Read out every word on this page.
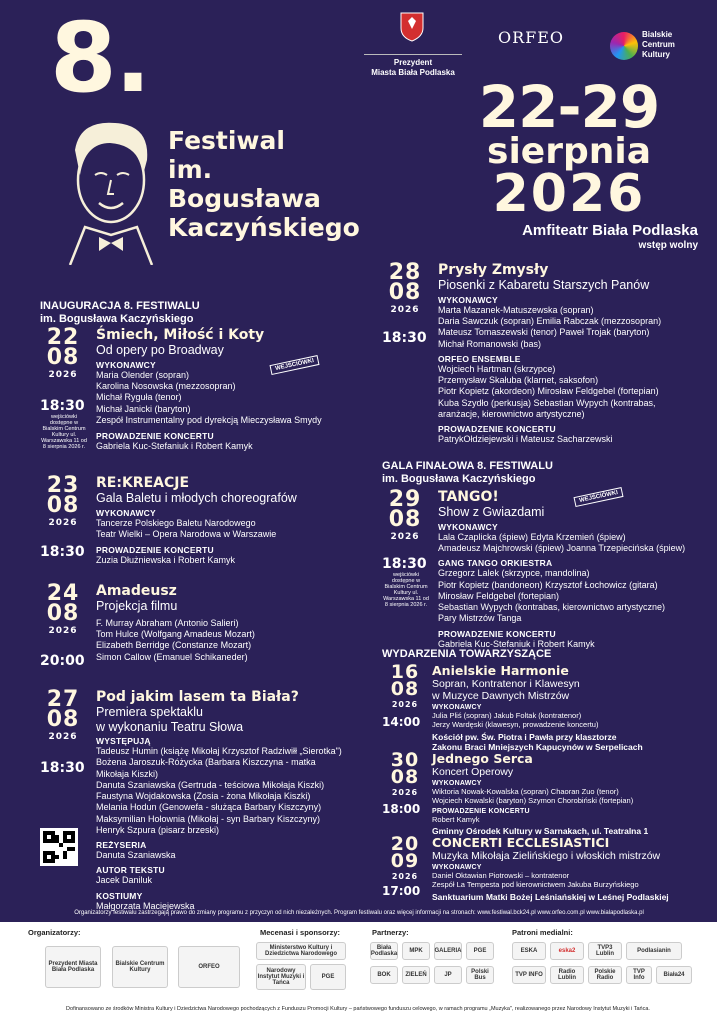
8.	Prezydent
Miasta Biała Podlaska
ORFEO	Bialskie
Centrum
Kultury
Festiwal
im.
Bogusława
Kaczyńskiego
22-29
sierpnia
2026
Amfiteatr Biała Podlaska
wstęp wolny
INAUGURACJA 8. FESTIWALU
im. Bogusława Kaczyńskiego
22
08
2026
18:30
wejściówki dostępne w Bialskim Centrum Kultury ul. Warszawska 11 od 8 sierpnia 2026 r.
Śmiech, Miłość i Koty
Od opery po Broadway
WYKONAWCY
Maria Olender (sopran)
Karolina Nosowska (mezzosopran)
Michał Ryguła (tenor)
Michał Janicki (baryton)
Zespół Instrumentalny pod dyrekcją Mieczysława Smydy
PROWADZENIE KONCERTU
Gabriela Kuc-Stefaniuk i Robert Kamyk
WEJŚCIÓWKI
23
08
2026
18:30
RE:KREACJE
Gala Baletu i młodych choreografów
WYKONAWCY
Tancerze Polskiego Baletu Narodowego
Teatr Wielki – Opera Narodowa w Warszawie
PROWADZENIE KONCERTU
Zuzia Dłużniewska i Robert Kamyk
24
08
2026
20:00
Amadeusz
Projekcja filmu
F. Murray Abraham (Antonio Salieri)
Tom Hulce (Wolfgang Amadeus Mozart)
Elizabeth Berridge (Constanze Mozart)
Simon Callow (Emanuel Schikaneder)
27
08
2026
18:30
Pod jakim lasem ta Biała?
Premiera spektaklu
w wykonaniu Teatru Słowa
WYSTĘPUJĄ
Tadeusz Humin (książę Mikołaj Krzysztof Radziwiłł „Sierotka")
Bożena Jaroszuk-Różycka (Barbara Kiszczyna - matka
Mikołaja Kiszki)
Danuta Szaniawska (Gertruda - teściowa Mikołaja Kiszki)
Faustyna Wojdakowska (Zosia - żona Mikołaja Kiszki)
Melania Hodun (Genowefa - służąca Barbary Kiszczyny)
Maksymilian Hołownia (Mikołaj - syn Barbary Kiszczyny)
Henryk Szpura (pisarz brzeski)
REŻYSERIA
Danuta Szaniawska
AUTOR TEKSTU
Jacek Daniluk
KOSTIUMY
Małgorzata Maciejewska
28
08
2026
18:30
Prysły Zmysły
Piosenki z Kabaretu Starszych Panów
WYKONAWCY
Marta Mazanek-Matuszewska (sopran)
Daria Sawczuk (sopran) Emilia Rabczak (mezzosopran)
Mateusz Tomaszewski (tenor) Paweł Trojak (baryton)
Michał Romanowski (bas)
ORFEO ENSEMBLE
Wojciech Hartman (skrzypce)
Przemysław Skałuba (klarnet, saksofon)
Piotr Kopietz (akordeon) Mirosław Feldgebel (fortepian)
Kuba Szydło (perkusja) Sebastian Wypych (kontrabas,
aranżacje, kierownictwo artystyczne)
PROWADZENIE KONCERTU
PatrykOłdziejewski i Mateusz Sacharzewski
GALA FINAŁOWA 8. FESTIWALU
im. Bogusława Kaczyńskiego
29
08
2026
18:30
wejściówki dostępne w Bialskim Centrum Kultury ul. Warszawska 11 od 8 sierpnia 2026 r.
TANGO!
Show z Gwiazdami
WYKONAWCY
Lala Czaplicka (śpiew) Edyta Krzemień (śpiew)
Amadeusz Majchrowski (śpiew) Joanna Trzepiecińska (śpiew)
GANG TANGO ORKIESTRA
Grzegorz Lalek (skrzypce, mandolina)
Piotr Kopietz (bandoneon) Krzysztof Łochowicz (gitara)
Mirosław Feldgebel (fortepian)
Sebastian Wypych (kontrabas, kierownictwo artystyczne)
Pary Mistrzów Tanga
PROWADZENIE KONCERTU
Gabriela Kuc-Stefaniuk i Robert Kamyk
WEJŚCIÓWKI
WYDARZENIA TOWARZYSZĄCE
16
08
2026
14:00
Anielskie Harmonie
Sopran, Kontratenor i Klawesyn
w Muzyce Dawnych Mistrzów
WYKONAWCY
Julia Pliś (sopran) Jakub Foltak (kontratenor)
Jerzy Wardęski (klawesyn, prowadzenie koncertu)
Kościół pw. Św. Piotra i Pawła przy klasztorze
Zakonu Braci Mniejszych Kapucynów w Serpelicach
30
08
2026
18:00
Jednego Serca
Koncert Operowy
WYKONAWCY
Wiktoria Nowak-Kowalska (sopran) Chaoran Zuo (tenor)
Wojciech Kowalski (baryton) Szymon Chorobiński (fortepian)
PROWADZENIE KONCERTU
Robert Kamyk
Gminny Ośrodek Kultury w Sarnakach, ul. Teatralna 1
20
09
2026
17:00
CONCERTI ECCLESIASTICI
Muzyka Mikołaja Zielińskiego i włoskich mistrzów
WYKONAWCY
Daniel Oktawian Piotrowski – kontratenor
Zespół La Tempesta pod kierownictwem Jakuba Burzyńskiego
Sanktuarium Matki Bożej Leśniańskiej w Leśnej Podlaskiej
Organizatorzy festiwalu zastrzegają prawo do zmiany programu z przyczyn od nich niezależnych. Program festiwalu oraz więcej informacji na stronach: www.festiwal.bck24.pl www.orfeo.com.pl www.bialapodlaska.pl
Organizatorzy:	Mecenasi i sponsorzy:	Partnerzy:	Patroni medialni:
Prezydent Miasta Biała Podlaska
Bialskie Centrum Kultury	ORFEO
Ministerstwo Kultury i Dziedzictwa Narodowego
Narodowy Instytut Muzyki i Tańca
PGE
Biała Podlaska	MPK	GALERIA	PGE
BOK	ZIELEŃ	JP	Polski Bus
ESKA	eska2	TVP3 Lublin	Podlasianin
TVP INFO	Radio Lublin
Polskie Radio
TVP Info	Biała24
Dofinansowano ze środków Ministra Kultury i Dziedzictwa Narodowego pochodzących z Funduszu Promocji Kultury – państwowego funduszu celowego, w ramach programu „Muzyka", realizowanego przez Narodowy Instytut Muzyki i Tańca.
